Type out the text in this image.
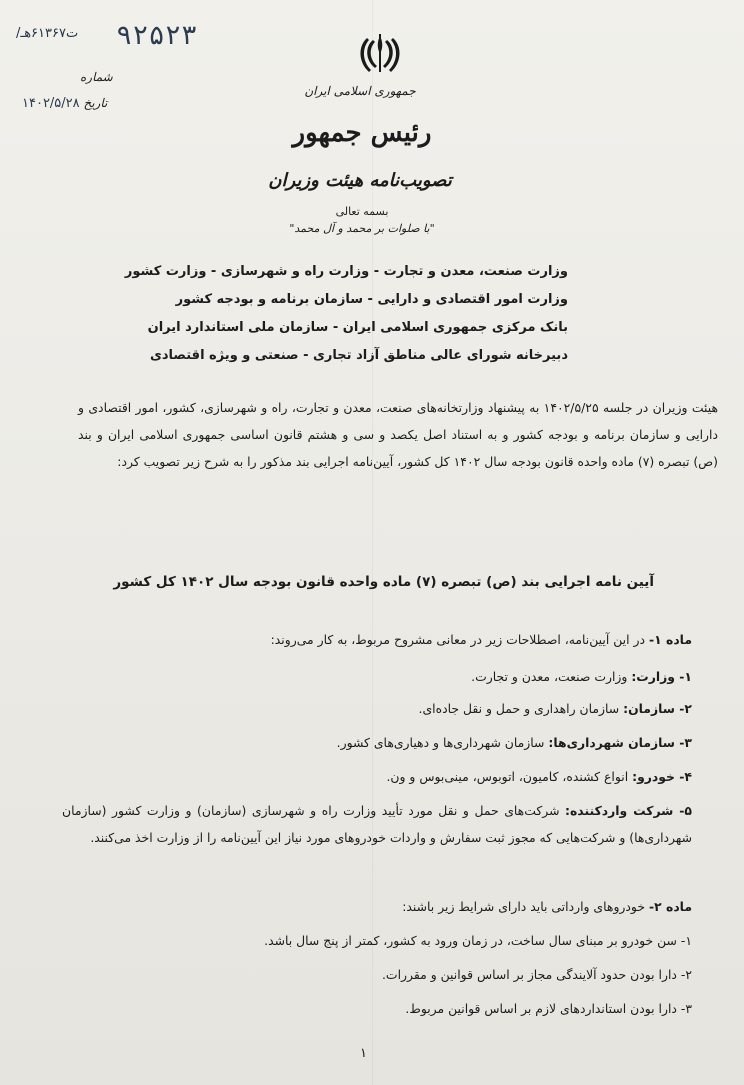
۹۲۵۲۳
ت۶۱۳۶۷هـ/
شماره
تاریخ ۱۴۰۲/۵/۲۸
جمهوری اسلامی ایران
رئیس جمهور
تصویب‌نامه هیئت وزیران
بسمه تعالی
"با صلوات بر محمد و آل محمد"
وزارت صنعت، معدن و تجارت - وزارت راه و شهرسازی - وزارت کشور
وزارت امور اقتصادی و دارایی - سازمان برنامه و بودجه کشور
بانک مرکزی جمهوری اسلامی ایران - سازمان ملی استاندارد ایران
دبیرخانه شورای عالی مناطق آزاد تجاری - صنعتی و ویژه اقتصادی
هیئت وزیران در جلسه ۱۴۰۲/۵/۲۵ به پیشنهاد وزارتخانه‌های صنعت، معدن و تجارت، راه و شهرسازی، کشور، امور اقتصادی و دارایی و سازمان برنامه و بودجه کشور و به استناد اصل یکصد و سی و هشتم قانون اساسی جمهوری اسلامی ایران و بند (ص) تبصره (۷) ماده واحده قانون بودجه سال ۱۴۰۲ کل کشور، آیین‌نامه اجرایی بند مذکور را به شرح زیر تصویب کرد:
آیین نامه اجرایی بند (ص) تبصره (۷) ماده واحده قانون بودجه سال ۱۴۰۲ کل کشور
ماده ۱- در این آیین‌نامه، اصطلاحات زیر در معانی مشروح مربوط، به کار می‌روند:
۱- وزارت: وزارت صنعت، معدن و تجارت.
۲- سازمان: سازمان راهداری و حمل و نقل جاده‌ای.
۳- سازمان شهرداری‌ها: سازمان شهرداری‌ها و دهیاری‌های کشور.
۴- خودرو: انواع کشنده، کامیون، اتوبوس، مینی‌بوس و ون.
۵- شرکت واردکننده: شرکت‌های حمل و نقل مورد تأیید وزارت راه و شهرسازی (سازمان) و وزارت کشور (سازمان شهرداری‌ها) و شرکت‌هایی که مجوز ثبت سفارش و واردات خودروهای مورد نیاز این آیین‌نامه را از وزارت اخذ می‌کنند.
ماده ۲- خودروهای وارداتی باید دارای شرایط زیر باشند:
۱- سن خودرو بر مبنای سال ساخت، در زمان ورود به کشور، کمتر از پنج سال باشد.
۲- دارا بودن حدود آلایندگی مجاز بر اساس قوانین و مقررات.
۳- دارا بودن استانداردهای لازم بر اساس قوانین مربوط.
۱
